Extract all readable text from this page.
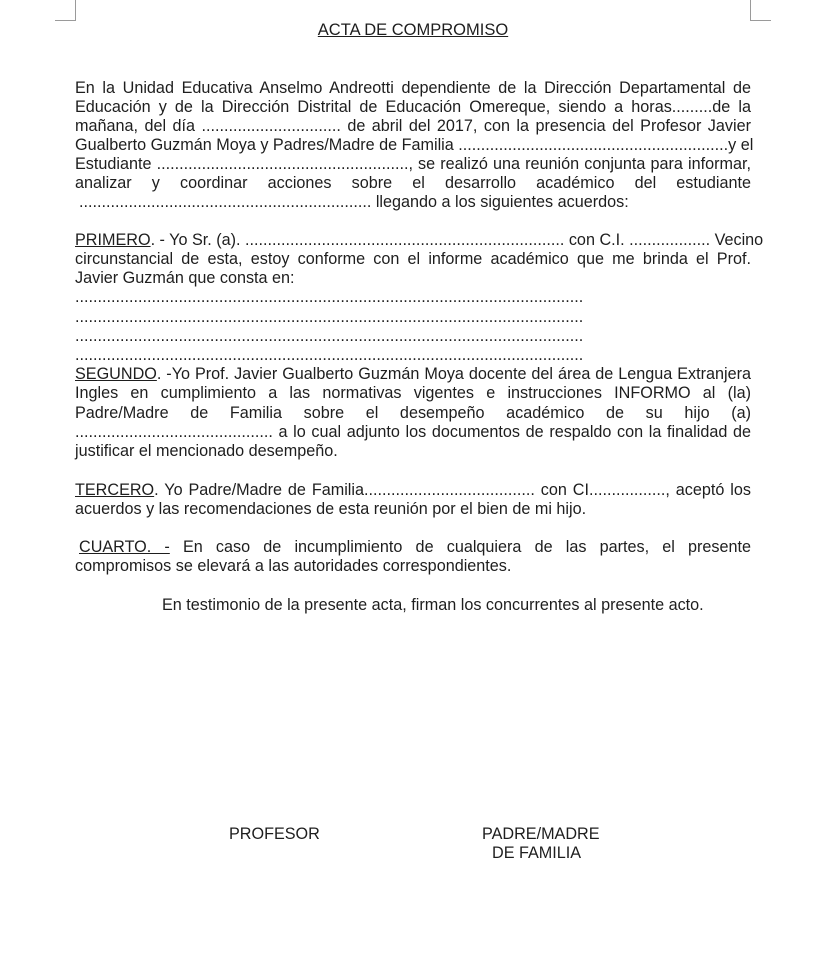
ACTA DE COMPROMISO
En la Unidad Educativa Anselmo Andreotti dependiente de la Dirección Departamental de
Educación y de la Dirección Distrital de Educación Omereque, siendo a horas.........de la
mañana, del día ............................... de abril del 2017, con la presencia del Profesor Javier
Gualberto Guzmán Moya y Padres/Madre de Familia ............................................................y el
Estudiante ........................................................, se realizó una reunión conjunta para informar,
analizar y coordinar acciones sobre el desarrollo académico del estudiante
................................................................. llegando a los siguientes acuerdos:
PRIMERO. - Yo Sr. (a). ....................................................................... con C.I. .................. Vecino
circunstancial de esta, estoy conforme con el informe académico que me brinda el Prof.
Javier Guzmán que consta en:
.................................................................................................................
.................................................................................................................
.................................................................................................................
.................................................................................................................
SEGUNDO. -Yo Prof. Javier Gualberto Guzmán Moya docente del área de Lengua Extranjera
Ingles en cumplimiento a las normativas vigentes e instrucciones INFORMO al (la)
Padre/Madre de Familia sobre el desempeño académico de su hijo (a)
............................................ a lo cual adjunto los documentos de respaldo con la finalidad de
justificar el mencionado desempeño.
TERCERO. Yo Padre/Madre de Familia...................................... con CI................., aceptó los
acuerdos y las recomendaciones de esta reunión por el bien de mi hijo.
CUARTO. - En caso de incumplimiento de cualquiera de las partes, el presente
compromisos se elevará a las autoridades correspondientes.
En testimonio de la presente acta, firman los concurrentes al presente acto.
PROFESOR	PADRE/MADRE
DE FAMILIA
